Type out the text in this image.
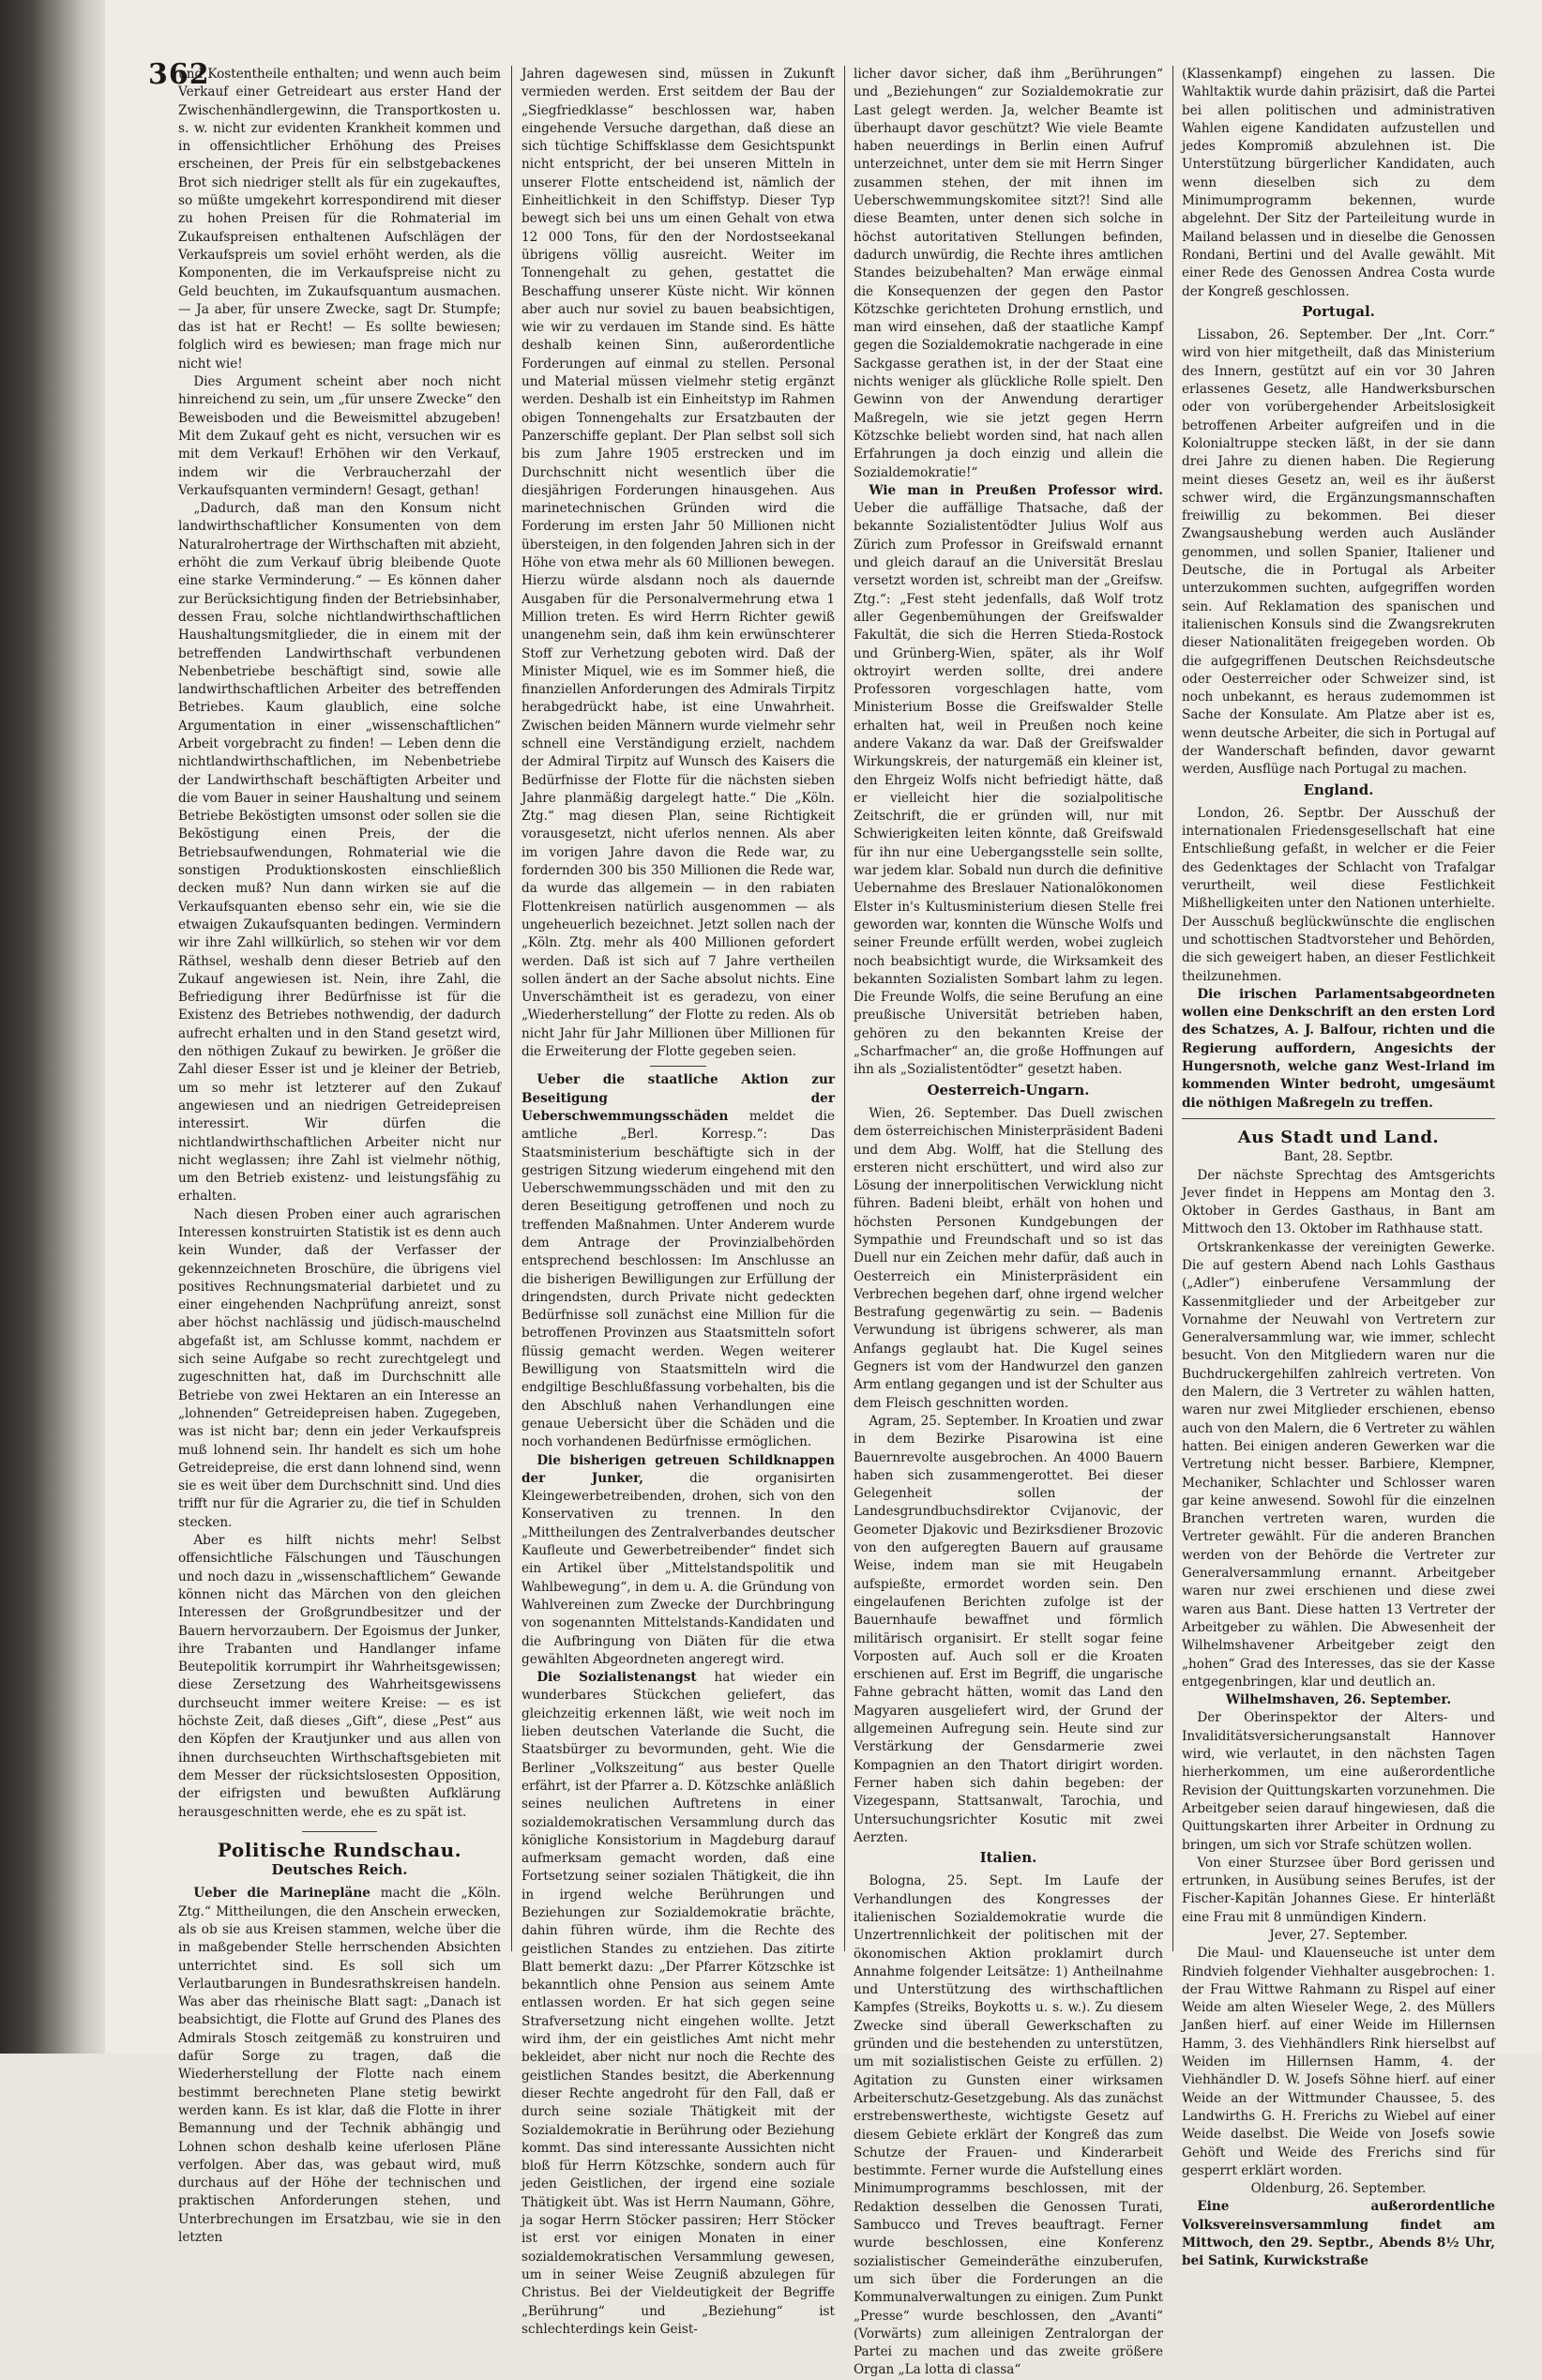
362

und Kostentheile enthalten; und wenn auch beim Verkauf einer Getreideart aus erster Hand der Zwischenhändlergewinn, die Transportkosten u. s. w. nicht zur evidenten Krankheit kommen und in offensichtlicher Erhöhung des Preises erscheinen, der Preis für ein selbstgebackenes Brot sich niedriger stellt als für ein zugekauftes, so müßte umgekehrt korrespondirend mit dieser zu hohen Preisen für die Rohmaterial im Zukaufspreisen enthaltenen Aufschlägen der Verkaufspreis um soviel erhöht werden, als die Komponenten, die im Verkaufspreise nicht zu Geld beuchten, im Zukaufsquantum ausmachen. — Ja aber, für unsere Zwecke, sagt Dr. Stumpfe; das ist hat er Recht! — Es sollte bewiesen; folglich wird es bewiesen; man frage mich nur nicht wie!

Dies Argument scheint aber noch nicht hinreichend zu sein, um „für unsere Zwecke“ den Beweisboden und die Beweismittel abzugeben! Mit dem Zukauf geht es nicht, versuchen wir es mit dem Verkauf! Erhöhen wir den Verkauf, indem wir die Verbraucherzahl der Verkaufsquanten vermindern! Gesagt, gethan!

„Dadurch, daß man den Konsum nicht landwirthschaftlicher Konsumenten von dem Naturalrohertrage der Wirthschaften mit abzieht, erhöht die zum Verkauf übrig bleibende Quote eine starke Verminderung.“ — Es können daher zur Berücksichtigung finden der Betriebsinhaber, dessen Frau, solche nichtlandwirthschaftlichen Haushaltungsmitglieder, die in einem mit der betreffenden Landwirthschaft verbundenen Nebenbetriebe beschäftigt sind, sowie alle landwirthschaftlichen Arbeiter des betreffenden Betriebes. Kaum glaublich, eine solche Argumentation in einer „wissenschaftlichen“ Arbeit vorgebracht zu finden! — Leben denn die nichtlandwirthschaftlichen, im Nebenbetriebe der Landwirthschaft beschäftigten Arbeiter und die vom Bauer in seiner Haushaltung und seinem Betriebe Beköstigten umsonst oder sollen sie die Beköstigung einen Preis, der die Betriebsaufwendungen, Rohmaterial wie die sonstigen Produktionskosten einschließlich decken muß? Nun dann wirken sie auf die Verkaufsquanten ebenso sehr ein, wie sie die etwaigen Zukaufsquanten bedingen. Vermindern wir ihre Zahl willkürlich, so stehen wir vor dem Räthsel, weshalb denn dieser Betrieb auf den Zukauf angewiesen ist. Nein, ihre Zahl, die Befriedigung ihrer Bedürfnisse ist für die Existenz des Betriebes nothwendig, der dadurch aufrecht erhalten und in den Stand gesetzt wird, den nöthigen Zukauf zu bewirken. Je größer die Zahl dieser Esser ist und je kleiner der Betrieb, um so mehr ist letzterer auf den Zukauf angewiesen und an niedrigen Getreidepreisen interessirt. Wir dürfen die nichtlandwirthschaftlichen Arbeiter nicht nur nicht weglassen; ihre Zahl ist vielmehr nöthig, um den Betrieb existenz- und leistungsfähig zu erhalten.

Nach diesen Proben einer auch agrarischen Interessen konstruirten Statistik ist es denn auch kein Wunder, daß der Verfasser der gekennzeichneten Broschüre, die übrigens viel positives Rechnungsmaterial darbietet und zu einer eingehenden Nachprüfung anreizt, sonst aber höchst nachlässig und jüdisch-mauschelnd abgefaßt ist, am Schlusse kommt, nachdem er sich seine Aufgabe so recht zurechtgelegt und zugeschnitten hat, daß im Durchschnitt alle Betriebe von zwei Hektaren an ein Interesse an „lohnenden“ Getreidepreisen haben. Zugegeben, was ist nicht bar; denn ein jeder Verkaufspreis muß lohnend sein. Ihr handelt es sich um hohe Getreidepreise, die erst dann lohnend sind, wenn sie es weit über dem Durchschnitt sind. Und dies trifft nur für die Agrarier zu, die tief in Schulden stecken.

Aber es hilft nichts mehr! Selbst offensichtliche Fälschungen und Täuschungen und noch dazu in „wissenschaftlichem“ Gewande können nicht das Märchen von den gleichen Interessen der Großgrundbesitzer und der Bauern hervorzaubern. Der Egoismus der Junker, ihre Trabanten und Handlanger infame Beutepolitik korrumpirt ihr Wahrheitsgewissen; diese Zersetzung des Wahrheitsgewissens durchseucht immer weitere Kreise: — es ist höchste Zeit, daß dieses „Gift“, diese „Pest“ aus den Köpfen der Krautjunker und aus allen von ihnen durchseuchten Wirthschaftsgebieten mit dem Messer der rücksichtslosesten Opposition, der eifrigsten und bewußten Aufklärung herausgeschnitten werde, ehe es zu spät ist.

Politische Rundschau.
Deutsches Reich.

Ueber die Marinepläne macht die „Köln. Ztg.“ Mittheilungen, die den Anschein erwecken, als ob sie aus Kreisen stammen, welche über die in maßgebender Stelle herrschenden Absichten unterrichtet sind. Es soll sich um Verlautbarungen in Bundesrathskreisen handeln. Was aber das rheinische Blatt sagt: „Danach ist beabsichtigt, die Flotte auf Grund des Planes des Admirals Stosch zeitgemäß zu konstruiren und dafür Sorge zu tragen, daß die Wiederherstellung der Flotte nach einem bestimmt berechneten Plane stetig bewirkt werden kann. Es ist klar, daß die Flotte in ihrer Bemannung und der Technik abhängig und Lohnen schon deshalb keine uferlosen Pläne verfolgen. Aber das, was gebaut wird, muß durchaus auf der Höhe der technischen und praktischen Anforderungen stehen, und Unterbrechungen im Ersatzbau, wie sie in den letzten

Jahren dagewesen sind, müssen in Zukunft vermieden werden. Erst seitdem der Bau der „Siegfriedklasse“ beschlossen war, haben eingehende Versuche dargethan, daß diese an sich tüchtige Schiffsklasse dem Gesichtspunkt nicht entspricht, der bei unseren Mitteln in unserer Flotte entscheidend ist, nämlich der Einheitlichkeit in den Schiffstyp. Dieser Typ bewegt sich bei uns um einen Gehalt von etwa 12 000 Tons, für den der Nordostseekanal übrigens völlig ausreicht. Weiter im Tonnengehalt zu gehen, gestattet die Beschaffung unserer Küste nicht. Wir können aber auch nur soviel zu bauen beabsichtigen, wie wir zu verdauen im Stande sind. Es hätte deshalb keinen Sinn, außerordentliche Forderungen auf einmal zu stellen. Personal und Material müssen vielmehr stetig ergänzt werden. Deshalb ist ein Einheitstyp im Rahmen obigen Tonnengehalts zur Ersatzbauten der Panzerschiffe geplant. Der Plan selbst soll sich bis zum Jahre 1905 erstrecken und im Durchschnitt nicht wesentlich über die diesjährigen Forderungen hinausgehen. Aus marinetechnischen Gründen wird die Forderung im ersten Jahr 50 Millionen nicht übersteigen, in den folgenden Jahren sich in der Höhe von etwa mehr als 60 Millionen bewegen. Hierzu würde alsdann noch als dauernde Ausgaben für die Personalvermehrung etwa 1 Million treten. Es wird Herrn Richter gewiß unangenehm sein, daß ihm kein erwünschterer Stoff zur Verhetzung geboten wird. Daß der Minister Miquel, wie es im Sommer hieß, die finanziellen Anforderungen des Admirals Tirpitz herabgedrückt habe, ist eine Unwahrheit. Zwischen beiden Männern wurde vielmehr sehr schnell eine Verständigung erzielt, nachdem der Admiral Tirpitz auf Wunsch des Kaisers die Bedürfnisse der Flotte für die nächsten sieben Jahre planmäßig dargelegt hatte.“ Die „Köln. Ztg.“ mag diesen Plan, seine Richtigkeit vorausgesetzt, nicht uferlos nennen. Als aber im vorigen Jahre davon die Rede war, zu fordernden 300 bis 350 Millionen die Rede war, da wurde das allgemein — in den rabiaten Flottenkreisen natürlich ausgenommen — als ungeheuerlich bezeichnet. Jetzt sollen nach der „Köln. Ztg. mehr als 400 Millionen gefordert werden. Daß ist sich auf 7 Jahre vertheilen sollen ändert an der Sache absolut nichts. Eine Unverschämtheit ist es geradezu, von einer „Wiederherstellung“ der Flotte zu reden. Als ob nicht Jahr für Jahr Millionen über Millionen für die Erweiterung der Flotte gegeben seien.

Ueber die staatliche Aktion zur Beseitigung der Ueberschwemmungsschäden meldet die amtliche „Berl. Korresp.“: Das Staatsministerium beschäftigte sich in der gestrigen Sitzung wiederum eingehend mit den Ueberschwemmungsschäden und mit den zu deren Beseitigung getroffenen und noch zu treffenden Maßnahmen. Unter Anderem wurde dem Antrage der Provinzialbehörden entsprechend beschlossen: Im Anschlusse an die bisherigen Bewilligungen zur Erfüllung der dringendsten, durch Private nicht gedeckten Bedürfnisse soll zunächst eine Million für die betroffenen Provinzen aus Staatsmitteln sofort flüssig gemacht werden. Wegen weiterer Bewilligung von Staatsmitteln wird die endgiltige Beschlußfassung vorbehalten, bis die den Abschluß nahen Verhandlungen eine genaue Uebersicht über die Schäden und die noch vorhandenen Bedürfnisse ermöglichen.

Die bisherigen getreuen Schildknappen der Junker, die organisirten Kleingewerbetreibenden, drohen, sich von den Konservativen zu trennen. In den „Mittheilungen des Zentralverbandes deutscher Kaufleute und Gewerbetreibender“ findet sich ein Artikel über „Mittelstandspolitik und Wahlbewegung“, in dem u. A. die Gründung von Wahlvereinen zum Zwecke der Durchbringung von sogenannten Mittelstands-Kandidaten und die Aufbringung von Diäten für die etwa gewählten Abgeordneten angeregt wird.

Die Sozialistenangst hat wieder ein wunderbares Stückchen geliefert, das gleichzeitig erkennen läßt, wie weit noch im lieben deutschen Vaterlande die Sucht, die Staatsbürger zu bevormunden, geht. Wie die Berliner „Volkszeitung“ aus bester Quelle erfährt, ist der Pfarrer a. D. Kötzschke anläßlich seines neulichen Auftretens in einer sozialdemokratischen Versammlung durch das königliche Konsistorium in Magdeburg darauf aufmerksam gemacht worden, daß eine Fortsetzung seiner sozialen Thätigkeit, die ihn in irgend welche Berührungen und Beziehungen zur Sozialdemokratie brächte, dahin führen würde, ihm die Rechte des geistlichen Standes zu entziehen. Das zitirte Blatt bemerkt dazu: „Der Pfarrer Kötzschke ist bekanntlich ohne Pension aus seinem Amte entlassen worden. Er hat sich gegen seine Strafversetzung nicht eingehen wollte. Jetzt wird ihm, der ein geistliches Amt nicht mehr bekleidet, aber nicht nur noch die Rechte des geistlichen Standes besitzt, die Aberkennung dieser Rechte angedroht für den Fall, daß er durch seine soziale Thätigkeit mit der Sozialdemokratie in Berührung oder Beziehung kommt. Das sind interessante Aussichten nicht bloß für Herrn Kötzschke, sondern auch für jeden Geistlichen, der irgend eine soziale Thätigkeit übt. Was ist Herrn Naumann, Göhre, ja sogar Herrn Stöcker passiren; Herr Stöcker ist erst vor einigen Monaten in einer sozialdemokratischen Versammlung gewesen, um in seiner Weise Zeugniß abzulegen für Christus. Bei der Vieldeutigkeit der Begriffe „Berührung“ und „Beziehung“ ist schlechterdings kein Geist-

licher davor sicher, daß ihm „Berührungen“ und „Beziehungen“ zur Sozialdemokratie zur Last gelegt werden. Ja, welcher Beamte ist überhaupt davor geschützt? Wie viele Beamte haben neuerdings in Berlin einen Aufruf unterzeichnet, unter dem sie mit Herrn Singer zusammen stehen, der mit ihnen im Ueberschwemmungskomitee sitzt?! Sind alle diese Beamten, unter denen sich solche in höchst autoritativen Stellungen befinden, dadurch unwürdig, die Rechte ihres amtlichen Standes beizubehalten? Man erwäge einmal die Konsequenzen der gegen den Pastor Kötzschke gerichteten Drohung ernstlich, und man wird einsehen, daß der staatliche Kampf gegen die Sozialdemokratie nachgerade in eine Sackgasse gerathen ist, in der der Staat eine nichts weniger als glückliche Rolle spielt. Den Gewinn von der Anwendung derartiger Maßregeln, wie sie jetzt gegen Herrn Kötzschke beliebt worden sind, hat nach allen Erfahrungen ja doch einzig und allein die Sozialdemokratie!“

Wie man in Preußen Professor wird. Ueber die auffällige Thatsache, daß der bekannte Sozialistentödter Julius Wolf aus Zürich zum Professor in Greifswald ernannt und gleich darauf an die Universität Breslau versetzt worden ist, schreibt man der „Greifsw. Ztg.“: „Fest steht jedenfalls, daß Wolf trotz aller Gegenbemühungen der Greifswalder Fakultät, die sich die Herren Stieda-Rostock und Grünberg-Wien, später, als ihr Wolf oktroyirt werden sollte, drei andere Professoren vorgeschlagen hatte, vom Ministerium Bosse die Greifswalder Stelle erhalten hat, weil in Preußen noch keine andere Vakanz da war. Daß der Greifswalder Wirkungskreis, der naturgemäß ein kleiner ist, den Ehrgeiz Wolfs nicht befriedigt hätte, daß er vielleicht hier die sozialpolitische Zeitschrift, die er gründen will, nur mit Schwierigkeiten leiten könnte, daß Greifswald für ihn nur eine Uebergangsstelle sein sollte, war jedem klar. Sobald nun durch die definitive Uebernahme des Breslauer Nationalökonomen Elster in's Kultusministerium diesen Stelle frei geworden war, konnten die Wünsche Wolfs und seiner Freunde erfüllt werden, wobei zugleich noch beabsichtigt wurde, die Wirksamkeit des bekannten Sozialisten Sombart lahm zu legen. Die Freunde Wolfs, die seine Berufung an eine preußische Universität betrieben haben, gehören zu den bekannten Kreise der „Scharfmacher“ an, die große Hoffnungen auf ihn als „Sozialistentödter“ gesetzt haben.

Oesterreich-Ungarn.

Wien, 26. September. Das Duell zwischen dem österreichischen Ministerpräsident Badeni und dem Abg. Wolff, hat die Stellung des ersteren nicht erschüttert, und wird also zur Lösung der innerpolitischen Verwicklung nicht führen. Badeni bleibt, erhält von hohen und höchsten Personen Kundgebungen der Sympathie und Freundschaft und so ist das Duell nur ein Zeichen mehr dafür, daß auch in Oesterreich ein Ministerpräsident ein Verbrechen begehen darf, ohne irgend welcher Bestrafung gegenwärtig zu sein. — Badenis Verwundung ist übrigens schwerer, als man Anfangs geglaubt hat. Die Kugel seines Gegners ist vom der Handwurzel den ganzen Arm entlang gegangen und ist der Schulter aus dem Fleisch geschnitten worden.

Agram, 25. September. In Kroatien und zwar in dem Bezirke Pisarowina ist eine Bauernrevolte ausgebrochen. An 4000 Bauern haben sich zusammengerottet. Bei dieser Gelegenheit sollen der Landesgrundbuchsdirektor Cvijanovic, der Geometer Djakovic und Bezirksdiener Brozovic von den aufgeregten Bauern auf grausame Weise, indem man sie mit Heugabeln aufspießte, ermordet worden sein. Den eingelaufenen Berichten zufolge ist der Bauernhaufe bewaffnet und förmlich militärisch organisirt. Er stellt sogar feine Vorposten auf. Auch soll er die Kroaten erschienen auf. Erst im Begriff, die ungarische Fahne gebracht hätten, womit das Land den Magyaren ausgeliefert wird, der Grund der allgemeinen Aufregung sein. Heute sind zur Verstärkung der Gensdarmerie zwei Kompagnien an den Thatort dirigirt worden. Ferner haben sich dahin begeben: der Vizegespann, Stattsanwalt, Tarochia, und Untersuchungsrichter Kosutic mit zwei Aerzten.

Italien.

Bologna, 25. Sept. Im Laufe der Verhandlungen des Kongresses der italienischen Sozialdemokratie wurde die Unzertrennlichkeit der politischen mit der ökonomischen Aktion proklamirt durch Annahme folgender Leitsätze: 1) Antheilnahme und Unterstützung des wirthschaftlichen Kampfes (Streiks, Boykotts u. s. w.). Zu diesem Zwecke sind überall Gewerkschaften zu gründen und die bestehenden zu unterstützen, um mit sozialistischen Geiste zu erfüllen. 2) Agitation zu Gunsten einer wirksamen Arbeiterschutz-Gesetzgebung. Als das zunächst erstrebenswertheste, wichtigste Gesetz auf diesem Gebiete erklärt der Kongreß das zum Schutze der Frauen- und Kinderarbeit bestimmte. Ferner wurde die Aufstellung eines Minimumprogramms beschlossen, mit der Redaktion desselben die Genossen Turati, Sambucco und Treves beauftragt. Ferner wurde beschlossen, eine Konferenz sozialistischer Gemeinderäthe einzuberufen, um sich über die Forderungen an die Kommunalverwaltungen zu einigen. Zum Punkt „Presse“ wurde beschlossen, den „Avanti“ (Vorwärts) zum alleinigen Zentralorgan der Partei zu machen und das zweite größere Organ „La lotta di classa“

(Klassenkampf) eingehen zu lassen. Die Wahltaktik wurde dahin präzisirt, daß die Partei bei allen politischen und administrativen Wahlen eigene Kandidaten aufzustellen und jedes Kompromiß abzulehnen ist. Die Unterstützung bürgerlicher Kandidaten, auch wenn dieselben sich zu dem Minimumprogramm bekennen, wurde abgelehnt. Der Sitz der Parteileitung wurde in Mailand belassen und in dieselbe die Genossen Rondani, Bertini und del Avalle gewählt. Mit einer Rede des Genossen Andrea Costa wurde der Kongreß geschlossen.

Portugal.

Lissabon, 26. September. Der „Int. Corr.“ wird von hier mitgetheilt, daß das Ministerium des Innern, gestützt auf ein vor 30 Jahren erlassenes Gesetz, alle Handwerksburschen oder von vorübergehender Arbeitslosigkeit betroffenen Arbeiter aufgreifen und in die Kolonialtruppe stecken läßt, in der sie dann drei Jahre zu dienen haben. Die Regierung meint dieses Gesetz an, weil es ihr äußerst schwer wird, die Ergänzungsmannschaften freiwillig zu bekommen. Bei dieser Zwangsaushebung werden auch Ausländer genommen, und sollen Spanier, Italiener und Deutsche, die in Portugal als Arbeiter unterzukommen suchten, aufgegriffen worden sein. Auf Reklamation des spanischen und italienischen Konsuls sind die Zwangsrekruten dieser Nationalitäten freigegeben worden. Ob die aufgegriffenen Deutschen Reichsdeutsche oder Oesterreicher oder Schweizer sind, ist noch unbekannt, es heraus zudemommen ist Sache der Konsulate. Am Platze aber ist es, wenn deutsche Arbeiter, die sich in Portugal auf der Wanderschaft befinden, davor gewarnt werden, Ausflüge nach Portugal zu machen.

England.

London, 26. Septbr. Der Ausschuß der internationalen Friedensgesellschaft hat eine Entschließung gefaßt, in welcher er die Feier des Gedenktages der Schlacht von Trafalgar verurtheilt, weil diese Festlichkeit Mißhelligkeiten unter den Nationen unterhielte. Der Ausschuß beglückwünschte die englischen und schottischen Stadtvorsteher und Behörden, die sich geweigert haben, an dieser Festlichkeit theilzunehmen.

Die irischen Parlamentsabgeordneten wollen eine Denkschrift an den ersten Lord des Schatzes, A. J. Balfour, richten und die Regierung auffordern, Angesichts der Hungersnoth, welche ganz West-Irland im kommenden Winter bedroht, umgesäumt die nöthigen Maßregeln zu treffen.

Aus Stadt und Land.
Bant, 28. Septbr.

Der nächste Sprechtag des Amtsgerichts Jever findet in Heppens am Montag den 3. Oktober in Gerdes Gasthaus, in Bant am Mittwoch den 13. Oktober im Rathhause statt.

Ortskrankenkasse der vereinigten Gewerke. Die auf gestern Abend nach Lohls Gasthaus („Adler“) einberufene Versammlung der Kassenmitglieder und der Arbeitgeber zur Vornahme der Neuwahl von Vertretern zur Generalversammlung war, wie immer, schlecht besucht. Von den Mitgliedern waren nur die Buchdruckergehilfen zahlreich vertreten. Von den Malern, die 3 Vertreter zu wählen hatten, waren nur zwei Mitglieder erschienen, ebenso auch von den Malern, die 6 Vertreter zu wählen hatten. Bei einigen anderen Gewerken war die Vertretung nicht besser. Barbiere, Klempner, Mechaniker, Schlachter und Schlosser waren gar keine anwesend. Sowohl für die einzelnen Branchen vertreten waren, wurden die Vertreter gewählt. Für die anderen Branchen werden von der Behörde die Vertreter zur Generalversammlung ernannt. Arbeitgeber waren nur zwei erschienen und diese zwei waren aus Bant. Diese hatten 13 Vertreter der Arbeitgeber zu wählen. Die Abwesenheit der Wilhelmshavener Arbeitgeber zeigt den „hohen“ Grad des Interesses, das sie der Kasse entgegenbringen, klar und deutlich an.

Wilhelmshaven, 26. September.

Der Oberinspektor der Alters- und Invaliditätsversicherungsanstalt Hannover wird, wie verlautet, in den nächsten Tagen hierherkommen, um eine außerordentliche Revision der Quittungskarten vorzunehmen. Die Arbeitgeber seien darauf hingewiesen, daß die Quittungskarten ihrer Arbeiter in Ordnung zu bringen, um sich vor Strafe schützen wollen.

Von einer Sturzsee über Bord gerissen und ertrunken, in Ausübung seines Berufes, ist der Fischer-Kapitän Johannes Giese. Er hinterläßt eine Frau mit 8 unmündigen Kindern.

Jever, 27. September.

Die Maul- und Klauenseuche ist unter dem Rindvieh folgender Viehhalter ausgebrochen: 1. der Frau Wittwe Rahmann zu Rispel auf einer Weide am alten Wieseler Wege, 2. des Müllers Janßen hierf. auf einer Weide im Hillernsen Hamm, 3. des Viehhändlers Rink hierselbst auf Weiden im Hillernsen Hamm, 4. der Viehhändler D. W. Josefs Söhne hierf. auf einer Weide an der Wittmunder Chaussee, 5. des Landwirths G. H. Frerichs zu Wiebel auf einer Weide daselbst. Die Weide von Josefs sowie Gehöft und Weide des Frerichs sind für gesperrt erklärt worden.

Oldenburg, 26. September.

Eine außerordentliche Volksvereinsversammlung findet am Mittwoch, den 29. Septbr., Abends 8½ Uhr, bei Satink, Kurwickstraße
